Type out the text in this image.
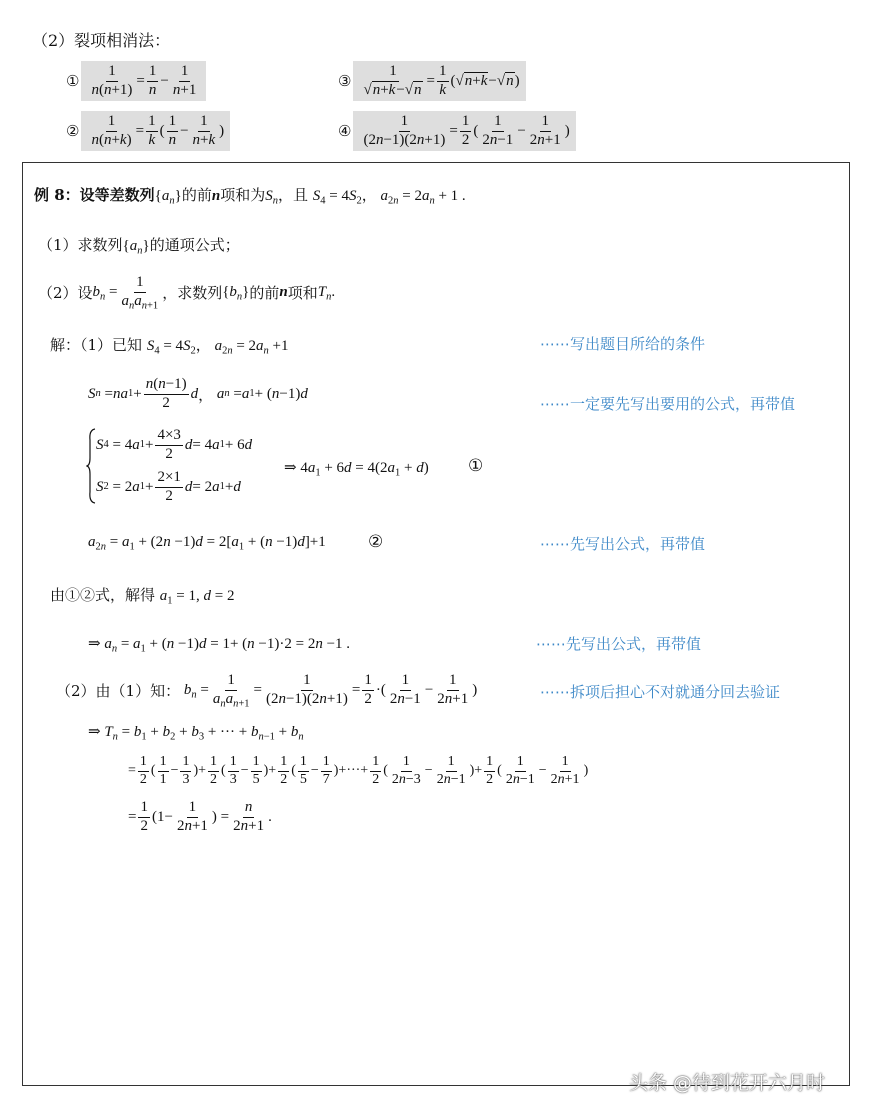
（2）裂项相消法：
① $\frac{1}{n(n+1)} = \frac{1}{n} - \frac{1}{n+1}$
② $\frac{1}{n(n+k)} = \frac{1}{k}$ ( $\frac{1}{n} - \frac{1}{n+k}$ )
③ $\frac{1}{√n+k-√n} = \frac{1}{k}$ (√ n+k −√ n )
④ $\frac{1}{(2n-1)(2n+1)} = \frac{1}{2}$ ( $\frac{1}{2n-1} - \frac{1}{2n+1}$ )
例 8：设等差数列$\{a_n\}$的前n项和为$S_n$，且 $S_4 = 4S_2$， $a_{2n} = 2a_n + 1$ .
（1）求数列$\{a_n\}$的通项公式；
（2）设 $b_n = \frac{1}{a_na_{n+1}}$ ，求数列 $\{b_n\}$ 的前 n 项和 $T_n$.
解：（1）已知 $S_4 = 4S_2$， $a_{2n} = 2a_n +1$	⋯⋯写出题目所给的条件
S n = na $1 + \frac{n(n-1)}{2}$ d ， a n = a 1 + ( n −1) d
⋯⋯一定要先写出要用的公式，再带值
S 4 = 4 a $1 + \frac{4\times 3}{2}$ d = 4 a 1 + 6 d
S 2 = 2 a $1 + \frac{2\times 1}{2}$ d = 2 a 1 + d
⇒ $4a_1 + 6d = 4(2a_1 + d)$ ①
$a_{2n} = a_1 + (2n -1)d = 2[a_1 + (n -1)d]+1$ ②	⋯⋯先写出公式，再带值
由①②式，解得 $a_1 = 1$, d = 2
⇒ $a_n = a_1 + (n -1)d = 1+ (n -1)\cdot 2 = 2n -1$ .	⋯⋯先写出公式，再带值
（2）由（1）知： $b_n = \frac{1}{a_na_{n+1}} = \frac{1}{(2n-1)(2n+1)} = \frac{1}{2}$ ·( $\frac{1}{2n-1} - \frac{1}{2n+1}$ )	⋯⋯拆项后担心不对就通分回去验证
⇒ $T_n = b_1 + b_2 + b_3$ + ··· + $b_{n-1} + b_n$
= $\frac{1}{2}$ ( $\frac{1}{1} - \frac{1}{3}$ )+ $\frac{1}{2}$ ( $\frac{1}{3} - \frac{1}{5}$ )+ $\frac{1}{2}$ ( $\frac{1}{5} - \frac{1}{7}$ )+···+ $\frac{1}{2}$ ( $\frac{1}{2n-3} - \frac{1}{2n-1}$ )+ $\frac{1}{2}$ ( $\frac{1}{2n-1} - \frac{1}{2n+1}$ )
= $\frac{1}{2} (1- \frac{1}{2n+1}$ ) = $\frac{n}{2n+1}$ .
头条 @待到花开六月时
